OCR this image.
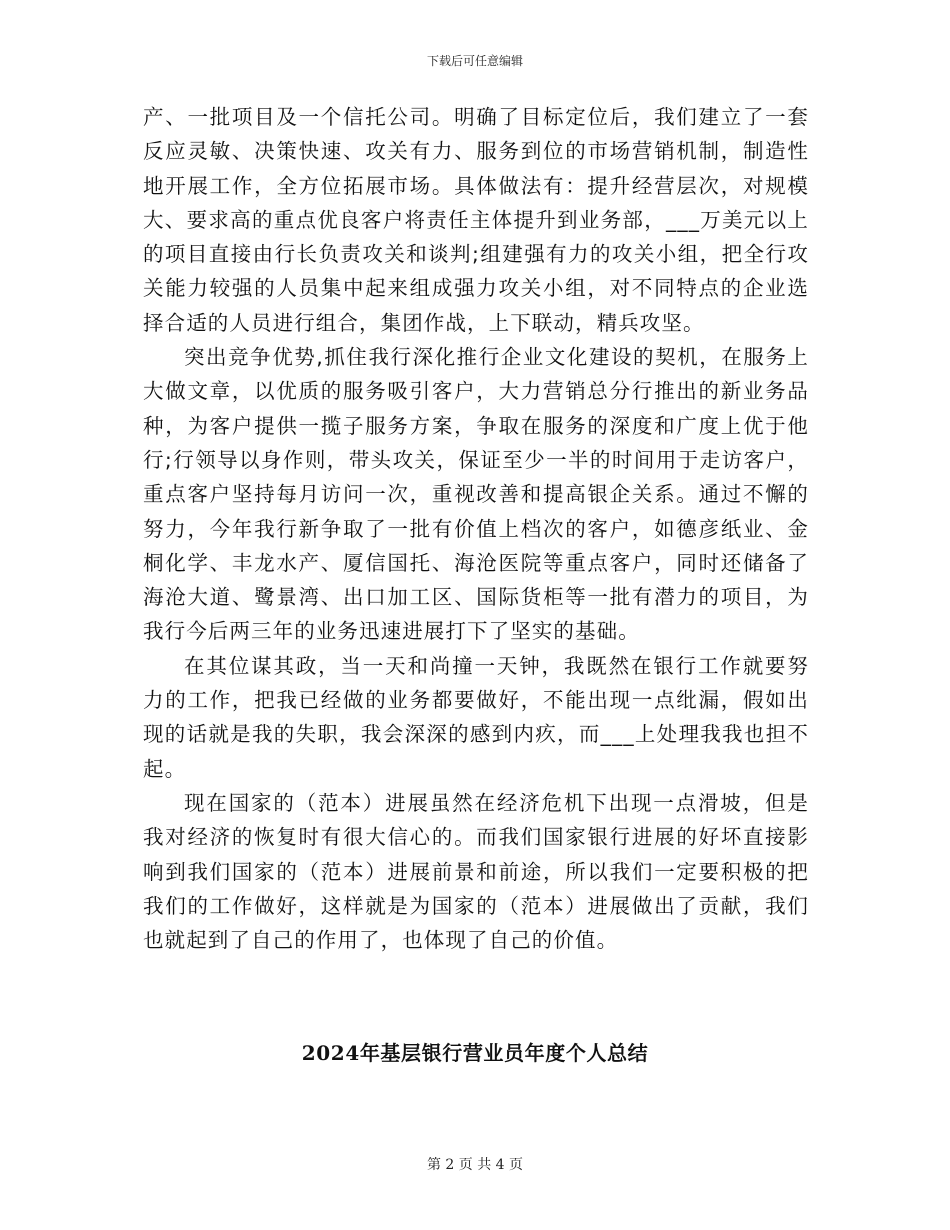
下载后可任意编辑

产、一批项目及一个信托公司。明确了目标定位后，我们建立了一套反应灵敏、决策快速、攻关有力、服务到位的市场营销机制，制造性地开展工作，全方位拓展市场。具体做法有：提升经营层次，对规模大、要求高的重点优良客户将责任主体提升到业务部，___万美元以上的项目直接由行长负责攻关和谈判;组建强有力的攻关小组，把全行攻关能力较强的人员集中起来组成强力攻关小组，对不同特点的企业选择合适的人员进行组合，集团作战，上下联动，精兵攻坚。

突出竞争优势,抓住我行深化推行企业文化建设的契机，在服务上大做文章，以优质的服务吸引客户，大力营销总分行推出的新业务品种，为客户提供一揽子服务方案，争取在服务的深度和广度上优于他行;行领导以身作则，带头攻关，保证至少一半的时间用于走访客户，重点客户坚持每月访问一次，重视改善和提高银企关系。通过不懈的努力，今年我行新争取了一批有价值上档次的客户，如德彦纸业、金桐化学、丰龙水产、厦信国托、海沧医院等重点客户，同时还储备了海沧大道、鹭景湾、出口加工区、国际货柜等一批有潜力的项目，为我行今后两三年的业务迅速进展打下了坚实的基础。

在其位谋其政，当一天和尚撞一天钟，我既然在银行工作就要努力的工作，把我已经做的业务都要做好，不能出现一点纰漏，假如出现的话就是我的失职，我会深深的感到内疚，而___上处理我我也担不起。

现在国家的（范本）进展虽然在经济危机下出现一点滑坡，但是我对经济的恢复时有很大信心的。而我们国家银行进展的好坏直接影响到我们国家的（范本）进展前景和前途，所以我们一定要积极的把我们的工作做好，这样就是为国家的（范本）进展做出了贡献，我们也就起到了自己的作用了，也体现了自己的价值。

2024年基层银行营业员年度个人总结
第 2 页 共 4 页
